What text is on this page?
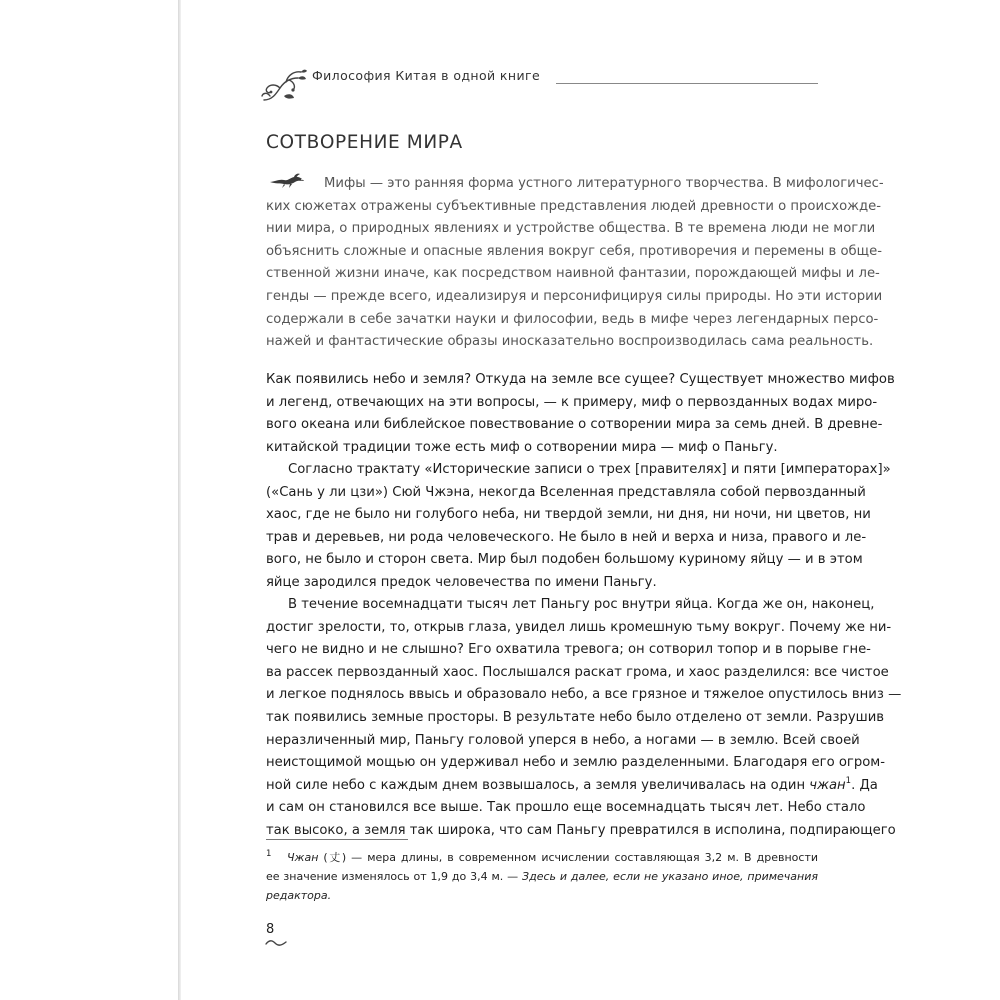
Философия Китая в одной книге
СОТВОРЕНИЕ МИРА
Мифы — это ранняя форма устного литературного творчества. В мифологичес-
ких сюжетах отражены субъективные представления людей древности о происхожде-
нии мира, о природных явлениях и устройстве общества. В те времена люди не могли
объяснить сложные и опасные явления вокруг себя, противоречия и перемены в обще-
ственной жизни иначе, как посредством наивной фантазии, порождающей мифы и ле-
генды — прежде всего, идеализируя и персонифицируя силы природы. Но эти истории
содержали в себе зачатки науки и философии, ведь в мифе через легендарных персо-
нажей и фантастические образы иносказательно воспроизводилась сама реальность.
Как появились небо и земля? Откуда на земле все сущее? Существует множество мифов
и легенд, отвечающих на эти вопросы, — к примеру, миф о первозданных водах миро-
вого океана или библейское повествование о сотворении мира за семь дней. В древне-
китайской традиции тоже есть миф о сотворении мира — миф о Паньгу.
Согласно трактату «Исторические записи о трех [правителях] и пяти [императорах]»
(«Сань у ли цзи») Сюй Чжэна, некогда Вселенная представляла собой первозданный
хаос, где не было ни голубого неба, ни твердой земли, ни дня, ни ночи, ни цветов, ни
трав и деревьев, ни рода человеческого. Не было в ней и верха и низа, правого и ле-
вого, не было и сторон света. Мир был подобен большому куриному яйцу — и в этом
яйце зародился предок человечества по имени Паньгу.
В течение восемнадцати тысяч лет Паньгу рос внутри яйца. Когда же он, наконец,
достиг зрелости, то, открыв глаза, увидел лишь кромешную тьму вокруг. Почему же ни-
чего не видно и не слышно? Его охватила тревога; он сотворил топор и в порыве гне-
ва рассек первозданный хаос. Послышался раскат грома, и хаос разделился: все чистое
и легкое поднялось ввысь и образовало небо, а все грязное и тяжелое опустилось вниз —
так появились земные просторы. В результате небо было отделено от земли. Разрушив
неразличенный мир, Паньгу головой уперся в небо, а ногами — в землю. Всей своей
неистощимой мощью он удерживал небо и землю разделенными. Благодаря его огром-
ной силе небо с каждым днем возвышалось, а земля увеличивалась на один чжан$^1$ Да
и сам он становился все выше. Так прошло еще восемнадцать тысяч лет. Небо стало
так высоко, а земля так широка, что сам Паньгу превратился в исполина, подпирающего
1 Чжан (丈) — мера длины, в современном исчислении составляющая 3,2 м. В древности
ее значение изменялось от 1,9 до 3,4 м. — Здесь и далее, если не указано иное, примечания
редактора.
8
